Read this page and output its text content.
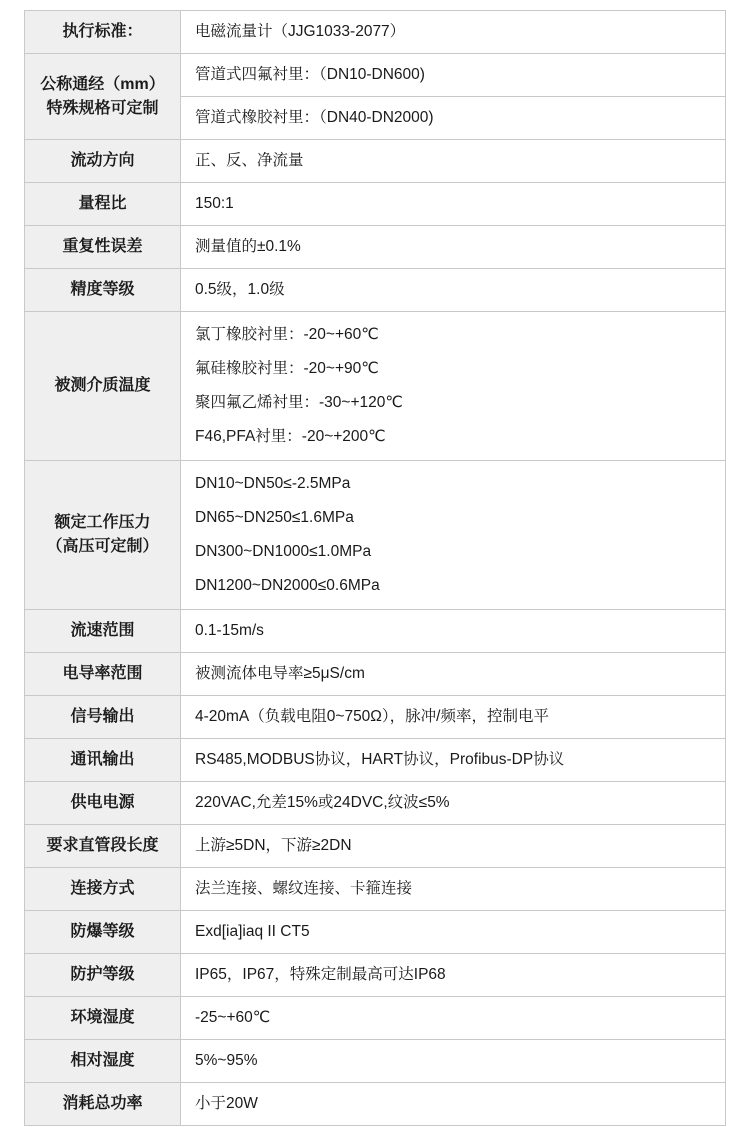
执行标准：	电磁流量计（JJG1033-2077）

公称通经（mm）
特殊规格可定制	管道式四氟衬里：（DN10-DN600)
	管道式橡胶衬里：（DN40-DN2000)
流动方向	正、反、净流量
量程比	150:1
重复性误差	测量值的±0.1%
精度等级	0.5级，1.0级
被测介质温度	氯丁橡胶衬里：-20~+60℃
氟硅橡胶衬里：-20~+90℃
聚四氟乙烯衬里：-30~+120℃
F46,PFA衬里：-20~+200℃

额定工作压力
（高压可定制）	DN10~DN50≤-2.5MPa
DN65~DN250≤1.6MPa
DN300~DN1000≤1.0MPa
DN1200~DN2000≤0.6MPa

流速范围	0.1-15m/s
电导率范围	被测流体电导率≥5μS/cm
信号输出	4-20mA（负载电阻0~750Ω），脉冲/频率，控制电平
通讯输出	RS485,MODBUS协议，HART协议，Profibus-DP协议
供电电源	220VAC,允差15%或24DVC,纹波≤5%
要求直管段长度	上游≥5DN，下游≥2DN
连接方式	法兰连接、螺纹连接、卡箍连接
防爆等级	Exd[ia]iaq II CT5
防护等级	IP65，IP67，特殊定制最高可达IP68
环境湿度	-25~+60℃
相对湿度	5%~95%
消耗总功率	小于20W
